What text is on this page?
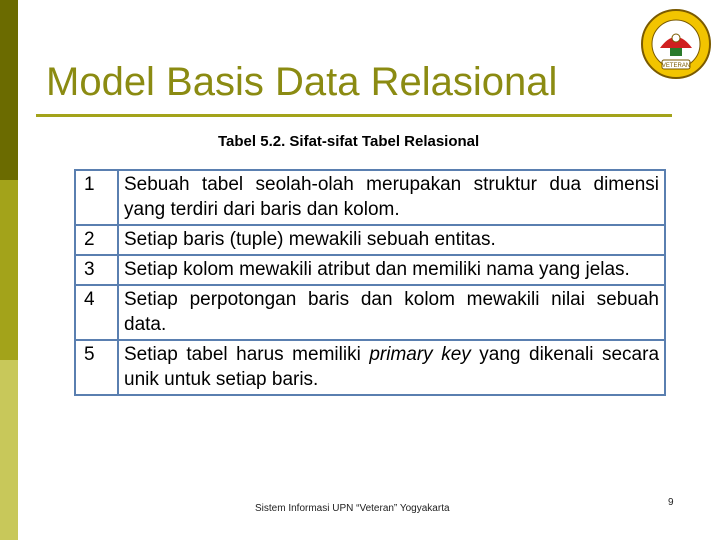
Model Basis Data Relasional	VETERAN
Tabel 5.2. Sifat-sifat Tabel Relasional
1	Sebuah tabel seolah-olah merupakan struktur dua dimensi yang terdiri dari baris dan kolom.
2	Setiap baris (tuple) mewakili sebuah entitas.
3	Setiap kolom mewakili atribut dan memiliki nama yang jelas.
4	Setiap perpotongan baris dan kolom mewakili nilai sebuah data.
5	Setiap tabel harus memiliki primary key yang dikenali secara unik untuk setiap baris.
Sistem Informasi UPN “Veteran” Yogyakarta
9
